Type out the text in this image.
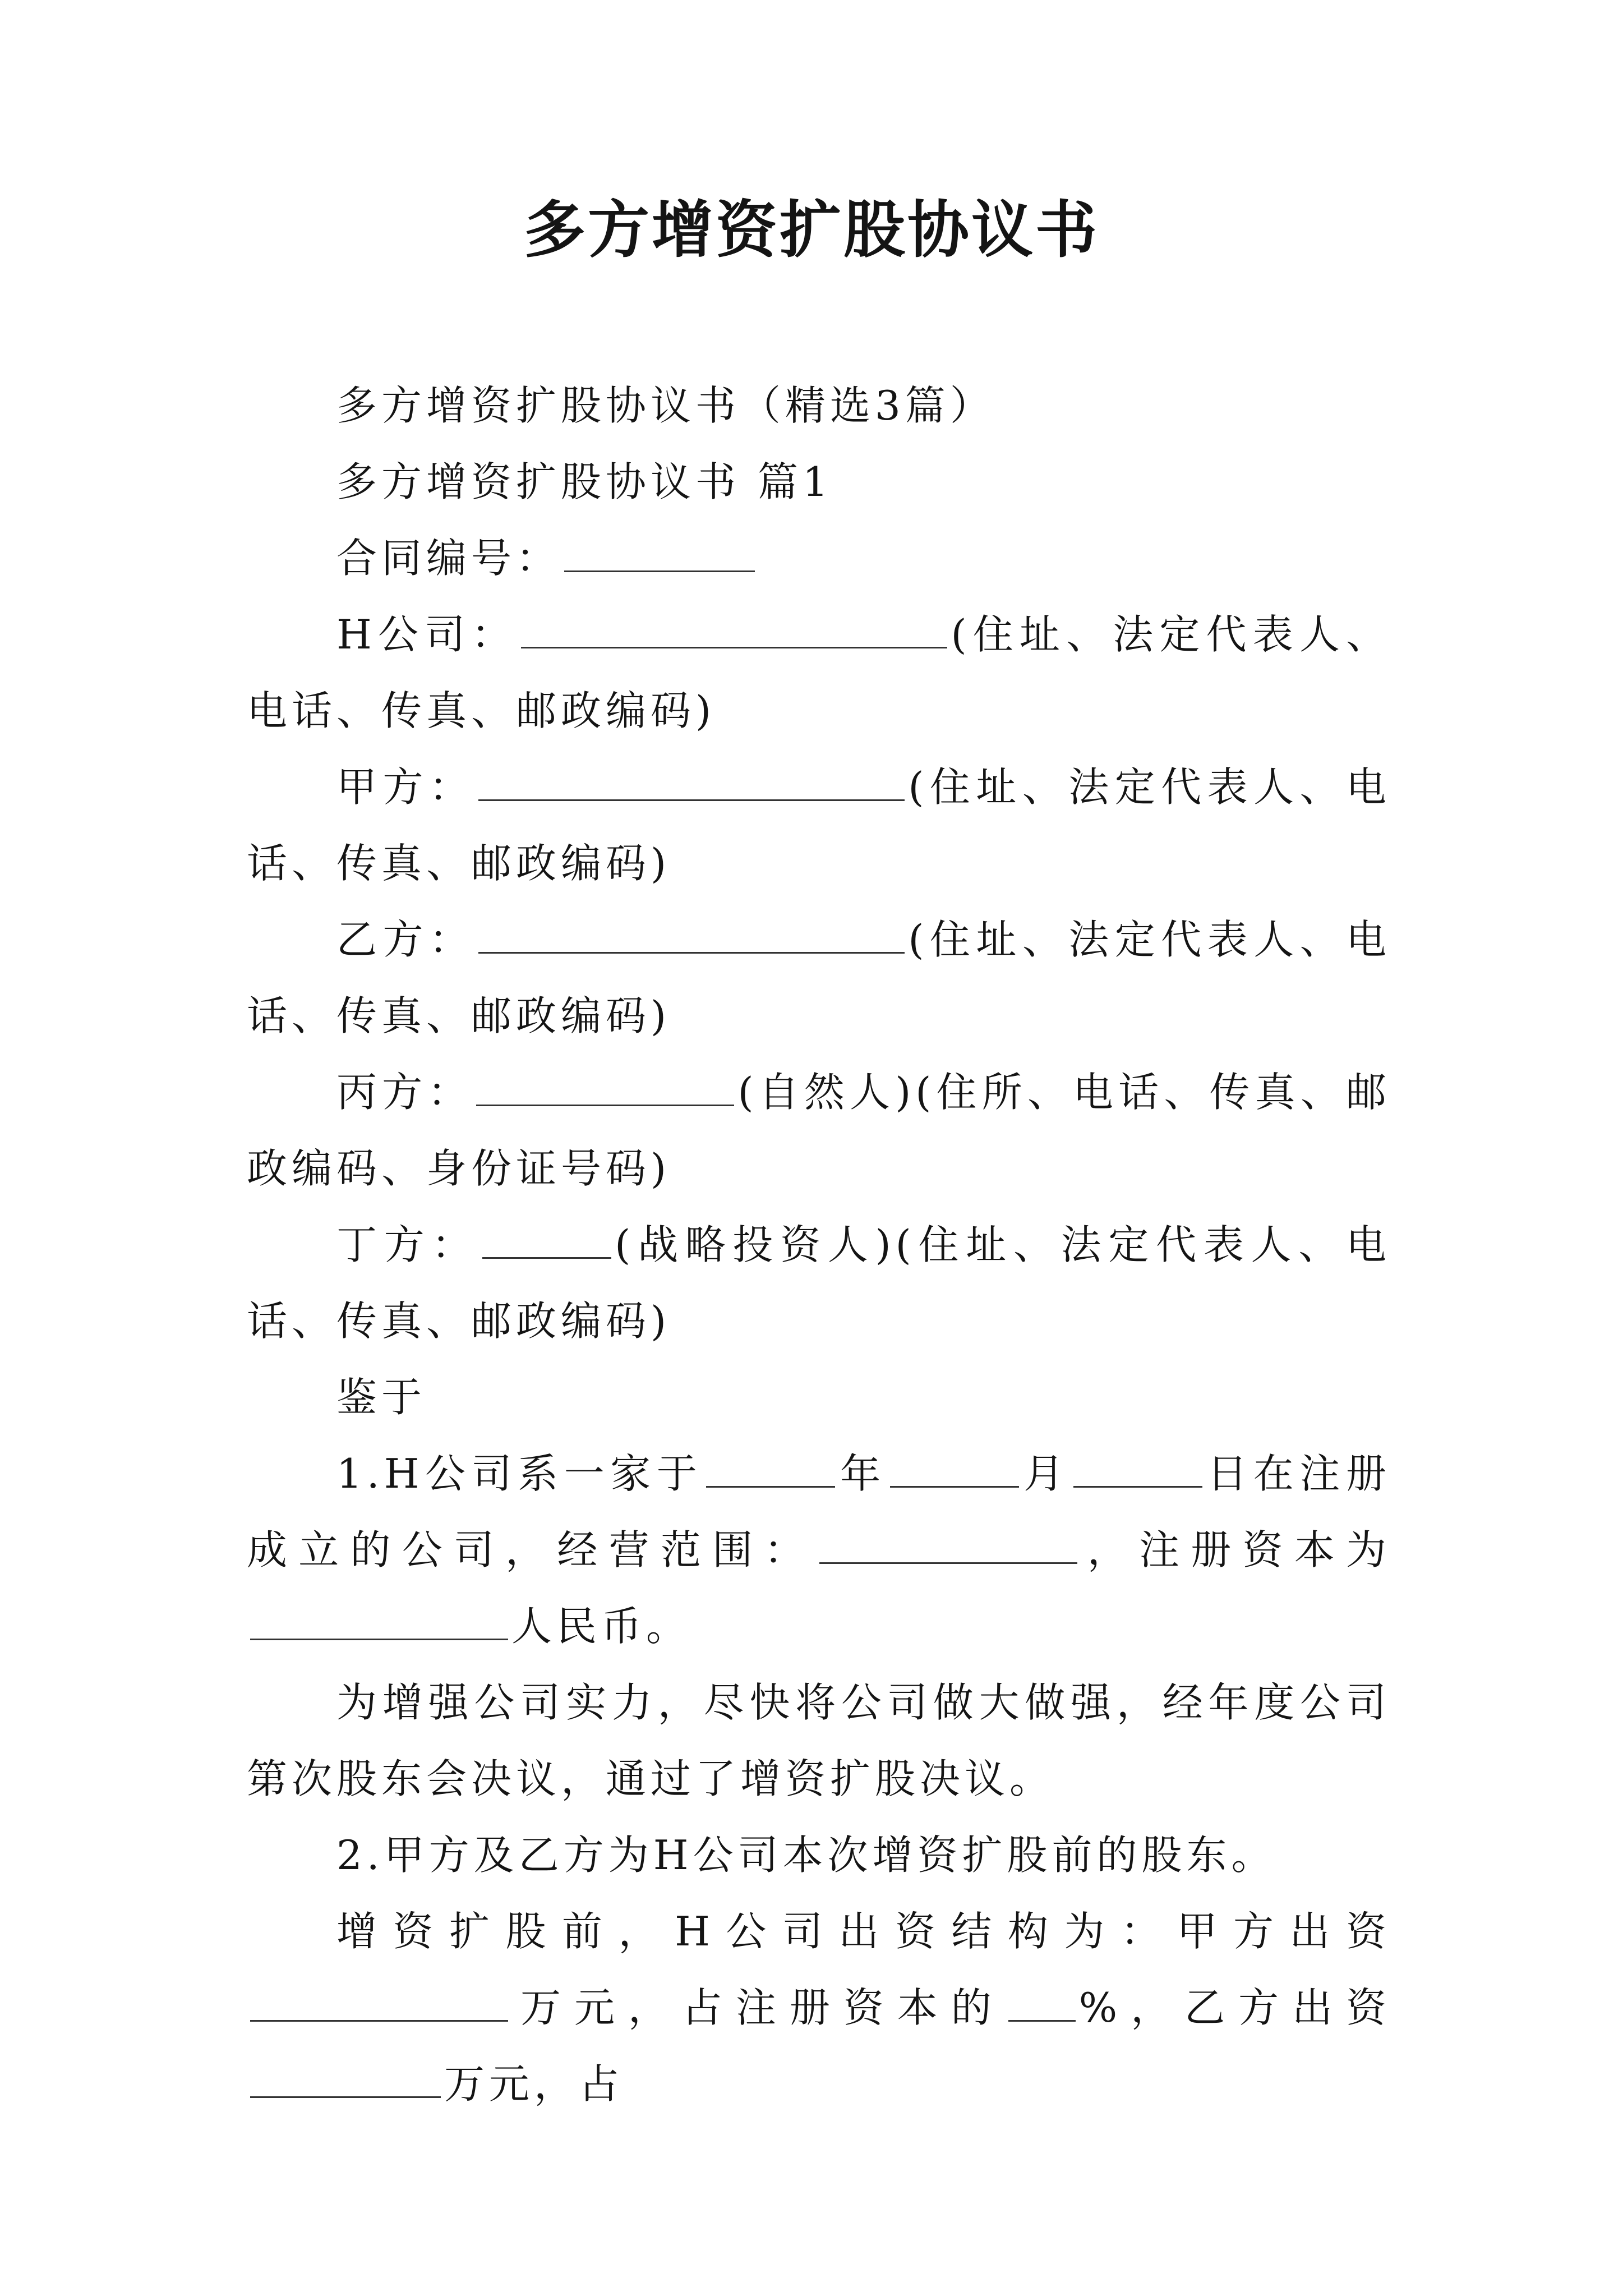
多方增资扩股协议书

多方增资扩股协议书（精选3篇）

多方增资扩股协议书 篇1

合同编号：

H公司：	(住址、法定代表人、电话、传真、邮政编码)

甲方：	(住址、法定代表人、电话、传真、邮政编码)

乙方：	(住址、法定代表人、电话、传真、邮政编码)

丙方：	(自然人)(住所、电话、传真、邮政编码、身份证号码)

丁方：	(战略投资人)(住址、法定代表人、电话、传真、邮政编码)

鉴于

1.H公司系一家于	年	月	日在注册成立的公司，经营范围：	，注册资本为人民币。

为增强公司实力，尽快将公司做大做强，经年度公司第次股东会决议，通过了增资扩股决议。

2.甲方及乙方为H公司本次增资扩股前的股东。

增资扩股前，H公司出资结构为：甲方出资万元，占注册资本的 %，乙方出资万元，占
